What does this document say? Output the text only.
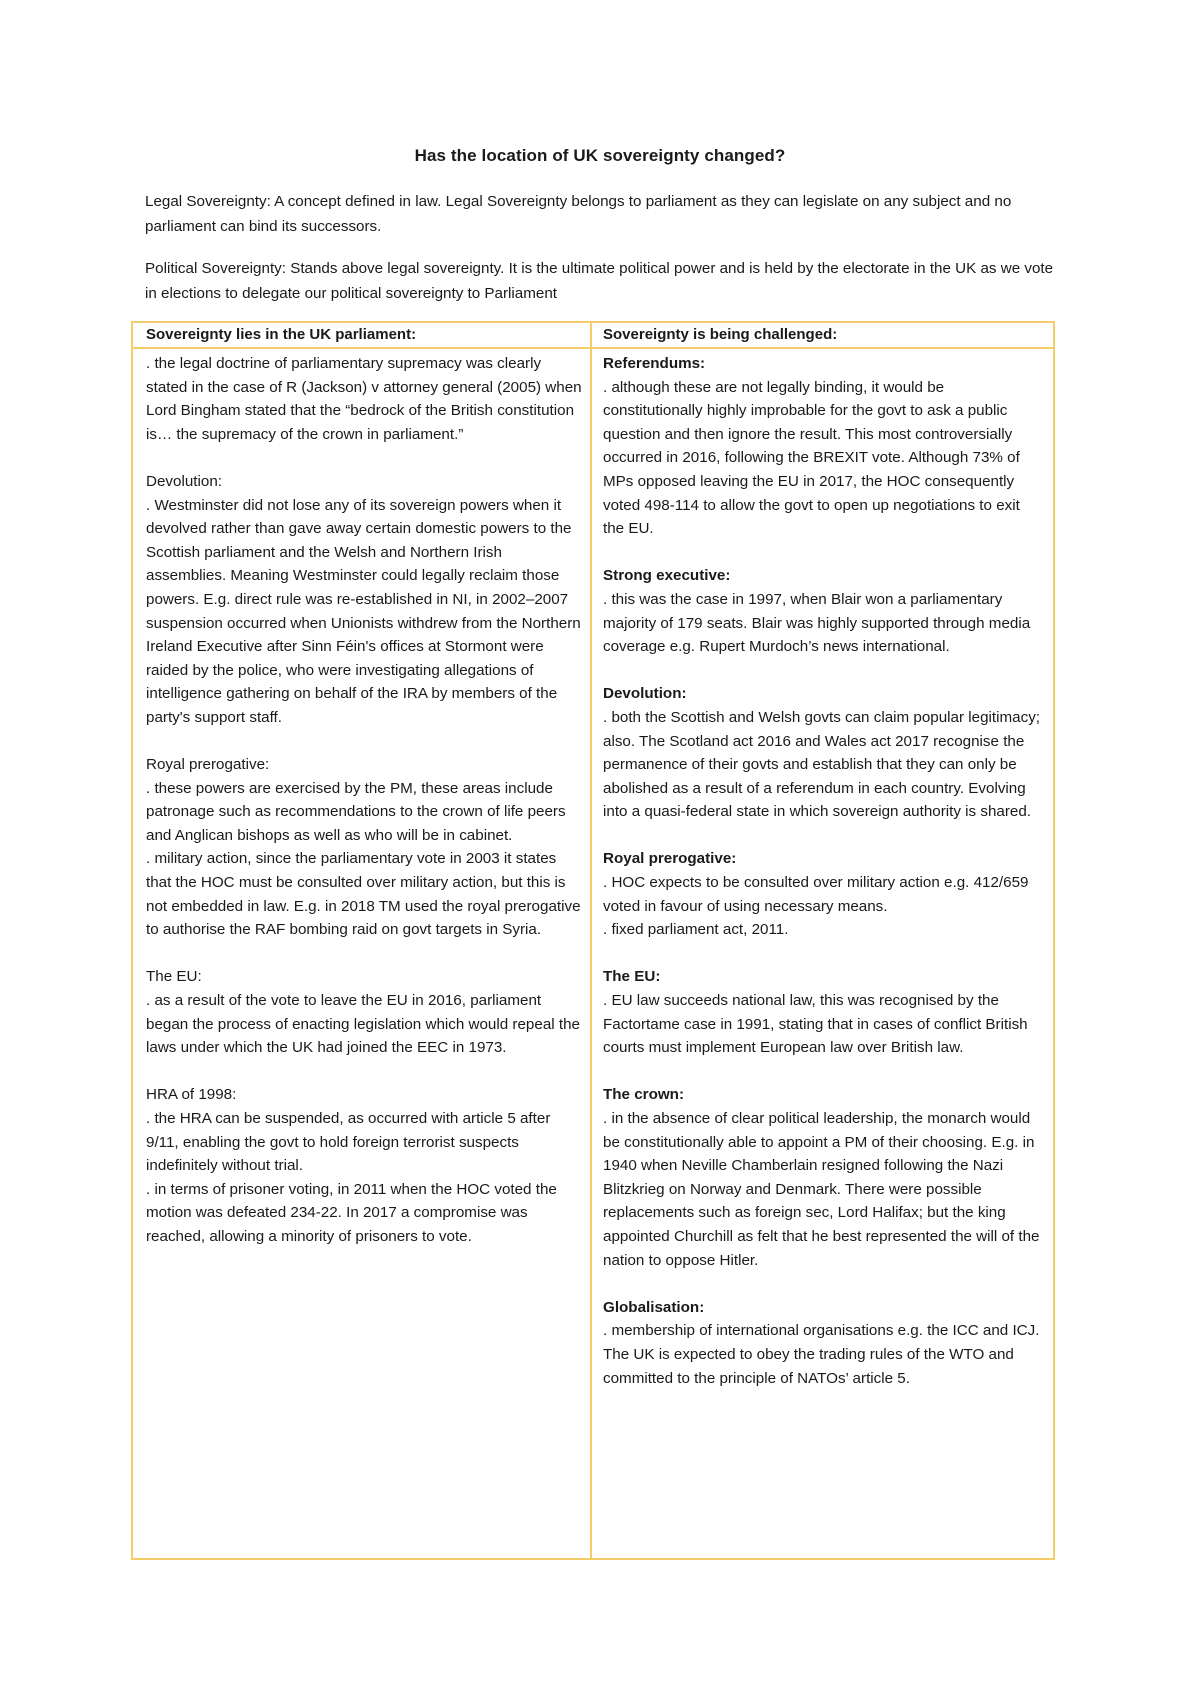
Has the location of UK sovereignty changed?

Legal Sovereignty: A concept defined in law. Legal Sovereignty belongs to parliament as they can legislate on any subject and no parliament can bind its successors.

Political Sovereignty: Stands above legal sovereignty. It is the ultimate political power and is held by the electorate in the UK as we vote in elections to delegate our political sovereignty to Parliament

Sovereignty lies in the UK parliament:	Sovereignty is being challenged:

. the legal doctrine of parliamentary supremacy was clearly stated in the case of R (Jackson) v attorney general (2005) when Lord Bingham stated that the “bedrock of the British constitution is… the supremacy of the crown in parliament.”

Devolution:

. Westminster did not lose any of its sovereign powers when it devolved rather than gave away certain domestic powers to the Scottish parliament and the Welsh and Northern Irish assemblies. Meaning Westminster could legally reclaim those powers. E.g. direct rule was re-established in NI, in 2002–2007 suspension occurred when Unionists withdrew from the Northern Ireland Executive after Sinn Féin's offices at Stormont were raided by the police, who were investigating allegations of intelligence gathering on behalf of the IRA by members of the party's support staff.

Royal prerogative:

. these powers are exercised by the PM, these areas include patronage such as recommendations to the crown of life peers and Anglican bishops as well as who will be in cabinet.

. military action, since the parliamentary vote in 2003 it states that the HOC must be consulted over military action, but this is not embedded in law. E.g. in 2018 TM used the royal prerogative to authorise the RAF bombing raid on govt targets in Syria.

The EU:

. as a result of the vote to leave the EU in 2016, parliament began the process of enacting legislation which would repeal the laws under which the UK had joined the EEC in 1973.

HRA of 1998:

. the HRA can be suspended, as occurred with article 5 after 9/11, enabling the govt to hold foreign terrorist suspects indefinitely without trial.

. in terms of prisoner voting, in 2011 when the HOC voted the motion was defeated 234-22. In 2017 a compromise was reached, allowing a minority of prisoners to vote.

Referendums:

. although these are not legally binding, it would be constitutionally highly improbable for the govt to ask a public question and then ignore the result. This most controversially occurred in 2016, following the BREXIT vote. Although 73% of MPs opposed leaving the EU in 2017, the HOC consequently voted 498-114 to allow the govt to open up negotiations to exit the EU.

Strong executive:

. this was the case in 1997, when Blair won a parliamentary majority of 179 seats. Blair was highly supported through media coverage e.g. Rupert Murdoch’s news international.

Devolution:

. both the Scottish and Welsh govts can claim popular legitimacy; also. The Scotland act 2016 and Wales act 2017 recognise the permanence of their govts and establish that they can only be abolished as a result of a referendum in each country. Evolving into a quasi-federal state in which sovereign authority is shared.

Royal prerogative:

. HOC expects to be consulted over military action e.g. 412/659 voted in favour of using necessary means.

. fixed parliament act, 2011.

The EU:

. EU law succeeds national law, this was recognised by the Factortame case in 1991, stating that in cases of conflict British courts must implement European law over British law.

The crown:

. in the absence of clear political leadership, the monarch would be constitutionally able to appoint a PM of their choosing. E.g. in 1940 when Neville Chamberlain resigned following the Nazi Blitzkrieg on Norway and Denmark. There were possible replacements such as foreign sec, Lord Halifax; but the king appointed Churchill as felt that he best represented the will of the nation to oppose Hitler.

Globalisation:

. membership of international organisations e.g. the ICC and ICJ. The UK is expected to obey the trading rules of the WTO and committed to the principle of NATOs’ article 5.
